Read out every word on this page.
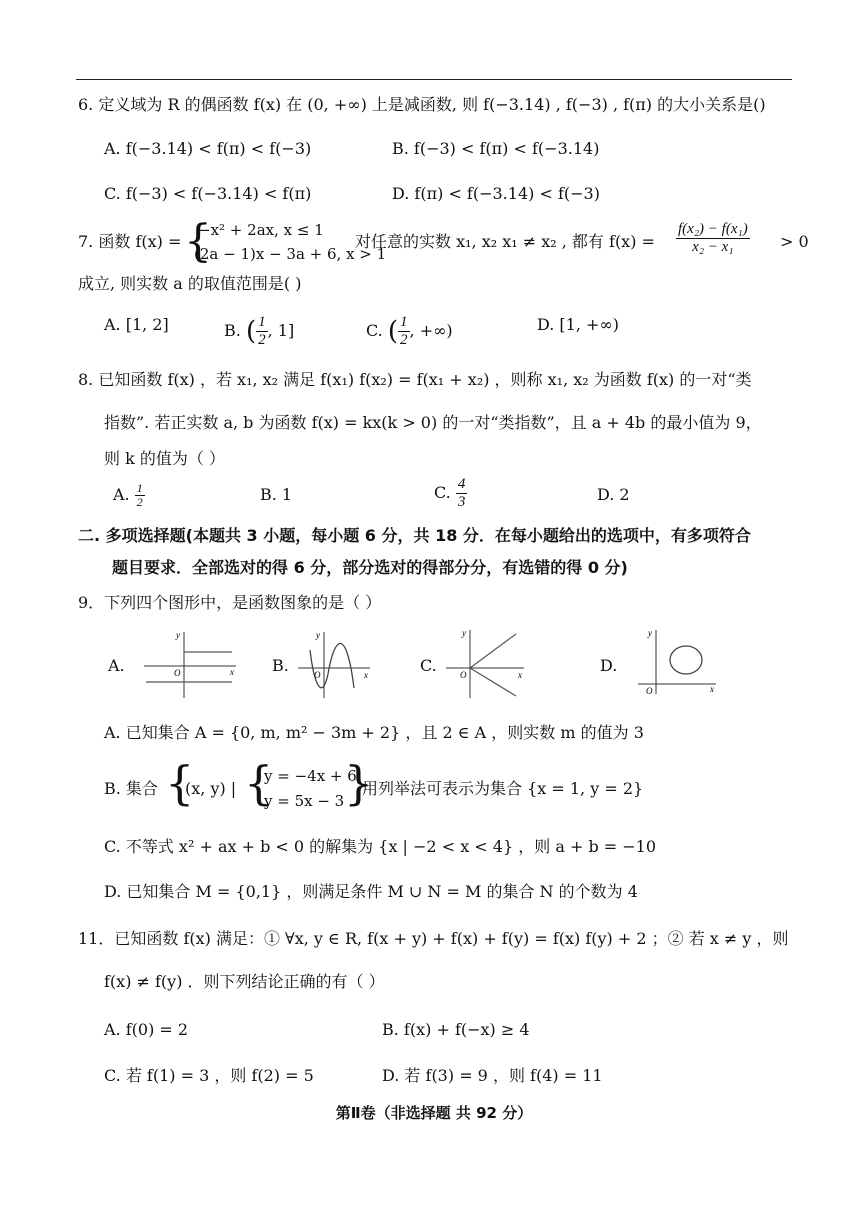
6. 定义域为 R 的偶函数 f(x) 在 (0, +∞) 上是减函数, 则 f(−3.14) , f(−3) , f(π) 的大小关系是()
A. f(−3.14) < f(π) < f(−3)	B. f(−3) < f(π) < f(−3.14)
C. f(−3) < f(−3.14) < f(π)	D. f(π) < f(−3.14) < f(−3)
7. 函数 f(x) = {
−x² + 2ax, x ≤ 1
(2a − 1)x − 3a + 6, x > 1
对任意的实数 x₁, x₂ x₁ ≠ x₂ , 都有 $f(x) = \frac{\text{f(x₂) − f(x₁)}}{\text{x₂ − x₁}} > 0$
成立, 则实数 a 的取值范围是( )
A. [1, 2]	B. ( $\frac{1}{2}$ , 1]	C. ( $\frac{1}{2}$ , +∞)	D. [1, +∞)
8. 已知函数 f(x) ，若 x₁, x₂ 满足 f(x₁) f(x₂) = f(x₁ + x₂) ，则称 x₁, x₂ 为函数 f(x) 的一对“类
指数”. 若正实数 a, b 为函数 f(x) = kx(k > 0) 的一对“类指数”，且 a + 4b 的最小值为 9，
则 k 的值为（ ）
A. $\frac{1}{2}$	B. 1	C. $\frac{4}{3}$	D. 2
二. 多项选择题(本题共 3 小题，每小题 6 分，共 18 分．在每小题给出的选项中，有多项符合
题目要求．全部选对的得 6 分，部分选对的得部分分，有选错的得 0 分)
9．下列四个图形中，是函数图象的是（ ）
A.
y
x
O	B.
y
x
O	C.
y
x
O	D.
y
x
O
A. 已知集合 A = {0, m, m² − 3m + 2} ，且 2 ∈ A ，则实数 m 的值为 3
B. 集合 {
(x, y) | {
y = −4x + 6
y = 5x − 3 }
用列举法可表示为集合 {x = 1, y = 2}
C. 不等式 x² + ax + b < 0 的解集为 {x | −2 < x < 4} ，则 a + b = −10
D. 已知集合 M = {0,1} ，则满足条件 M ∪ N = M 的集合 N 的个数为 4
11．已知函数 f(x) 满足：① ∀x, y ∈ R, f(x + y) + f(x) + f(y) = f(x) f(y) + 2 ；② 若 x ≠ y ，则
f(x) ≠ f(y) ．则下列结论正确的有（ ）
A. f(0) = 2	B. f(x) + f(−x) ≥ 4
C. 若 f(1) = 3 ，则 f(2) = 5	D. 若 f(3) = 9 ，则 f(4) = 11
第Ⅱ卷（非选择题 共 92 分）
